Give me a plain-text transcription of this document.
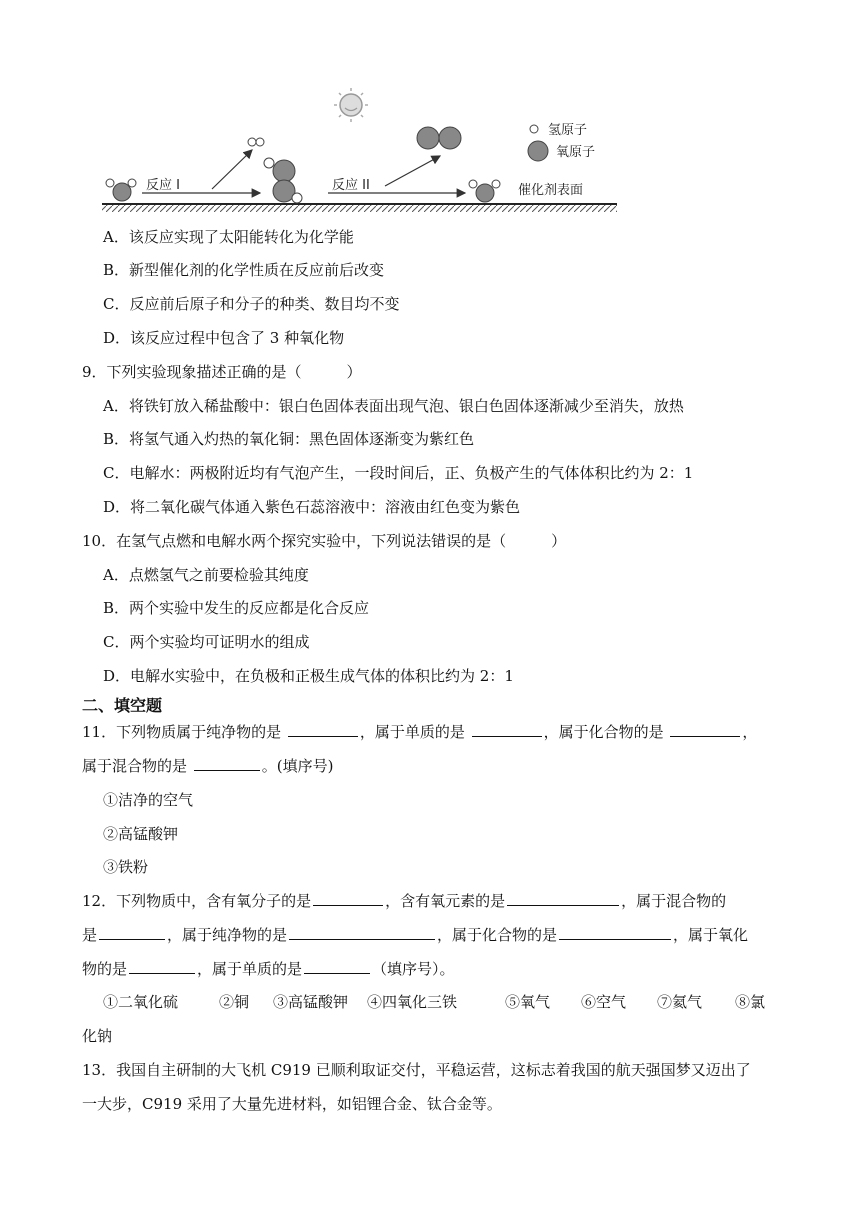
反应 I	反应 II	催化剂表面
氢原子
氧原子
A．该反应实现了太阳能转化为化学能
B．新型催化剂的化学性质在反应前后改变
C．反应前后原子和分子的种类、数目均不变
D．该反应过程中包含了 3 种氧化物
9．下列实验现象描述正确的是（　　　）
A．将铁钉放入稀盐酸中：银白色固体表面出现气泡、银白色固体逐渐减少至消失，放热
B．将氢气通入灼热的氧化铜：黑色固体逐渐变为紫红色
C．电解水：两极附近均有气泡产生，一段时间后，正、负极产生的气体体积比约为 2：1
D．将二氧化碳气体通入紫色石蕊溶液中：溶液由红色变为紫色
10．在氢气点燃和电解水两个探究实验中，下列说法错误的是（　　　）
A．点燃氢气之前要检验其纯度
B．两个实验中发生的反应都是化合反应
C．两个实验均可证明水的组成
D．电解水实验中，在负极和正极生成气体的体积比约为 2：1
二、填空题
11．下列物质属于纯净物的是	，属于单质的是	，属于化合物的是	，
属于混合物的是	。(填序号)
①洁净的空气
②高锰酸钾
③铁粉
12．下列物质中，含有氧分子的是	，含有氧元素的是	，属于混合物的
是	，属于纯净物的是	，属于化合物的是	，属于氧化
物的是	，属于单质的是	（填序号）。
①二氧化硫	②铜 ③高锰酸钾 ④四氧化三铁	⑤氧气 ⑥空气 ⑦氦气 ⑧氯
化钠
13．我国自主研制的大飞机 C919 已顺利取证交付，平稳运营，这标志着我国的航天强国梦又迈出了
一大步，C919 采用了大量先进材料，如铝锂合金、钛合金等。
